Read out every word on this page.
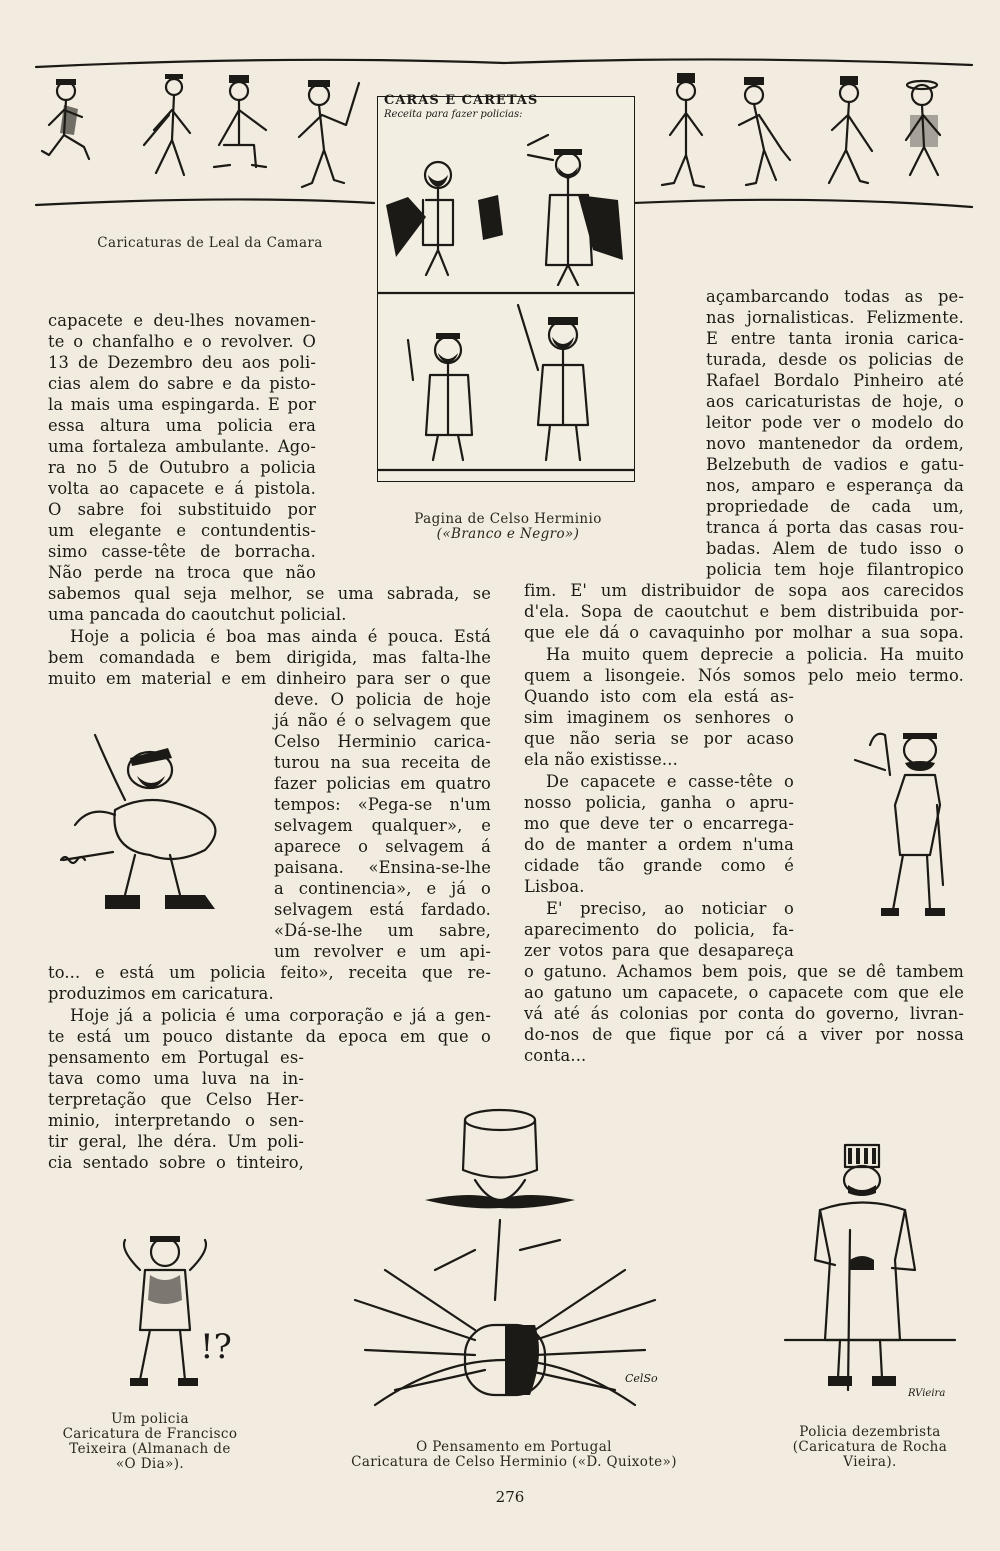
Caricaturas de Leal da Camara
CARAS E CARETAS
Receita para fazer policias:
Pagina de Celso Herminio
(«Branco e Negro»)
capacete e deu-lhes novamen-
te o chanfalho e o revolver. O
13 de Dezembro deu aos poli-
cias alem do sabre e da pisto-
la mais uma espingarda. E por
essa altura uma policia era
uma fortaleza ambulante. Ago-
ra no 5 de Outubro a policia
volta ao capacete e á pistola.
O sabre foi substituido por
um elegante e contundentis-
simo casse-tête de borracha.
Não perde na troca que não
sabemos qual seja melhor, se uma sabrada, se
uma pancada do caoutchut policial.
Hoje a policia é boa mas ainda é pouca. Está
bem comandada e bem dirigida, mas falta-lhe
muito em material e em dinheiro para ser o que
deve. O policia de hoje
já não é o selvagem que
Celso Herminio carica-
turou na sua receita de
fazer policias em quatro
tempos: «Pega-se n'um
selvagem qualquer», e
aparece o selvagem á
paisana. «Ensina-se-lhe
a continencia», e já o
selvagem está fardado.
«Dá-se-lhe um sabre,
um revolver e um api-
to... e está um policia feito», receita que re-
produzimos em caricatura.
Hoje já a policia é uma corporação e já a gen-
te está um pouco distante da epoca em que o
pensamento em Portugal es-
tava como uma luva na in-
terpretação que Celso Her-
minio, interpretando o sen-
tir geral, lhe déra. Um poli-
cia sentado sobre o tinteiro,
açambarcando todas as pe-
nas jornalisticas. Felizmente.
E entre tanta ironia carica-
turada, desde os policias de
Rafael Bordalo Pinheiro até
aos caricaturistas de hoje, o
leitor pode ver o modelo do
novo mantenedor da ordem,
Belzebuth de vadios e gatu-
nos, amparo e esperança da
propriedade de cada um,
tranca á porta das casas rou-
badas. Alem de tudo isso o
policia tem hoje filantropico
fim. E' um distribuidor de sopa aos carecidos
d'ela. Sopa de caoutchut e bem distribuida por-
que ele dá o cavaquinho por molhar a sua sopa.
Ha muito quem deprecie a policia. Ha muito
quem a lisongeie. Nós somos pelo meio termo.
Quando isto com ela está as-
sim imaginem os senhores o
que não seria se por acaso
ela não existisse...
De capacete e casse-tête o
nosso policia, ganha o apru-
mo que deve ter o encarrega-
do de manter a ordem n'uma
cidade tão grande como é
Lisboa.
E' preciso, ao noticiar o
aparecimento do policia, fa-
zer votos para que desapareça
o gatuno. Achamos bem pois, que se dê tambem
ao gatuno um capacete, o capacete com que ele
vá até ás colonias por conta do governo, livran-
do-nos de que fique por cá a viver por nossa
conta...
!?
CelSo
RVieira
Um policia
Caricatura de Francisco
Teixeira (Almanach de
«O Dia»).
O Pensamento em Portugal
Caricatura de Celso Herminio («D. Quixote»)
Policia dezembrista
(Caricatura de Rocha
Vieira).
276
